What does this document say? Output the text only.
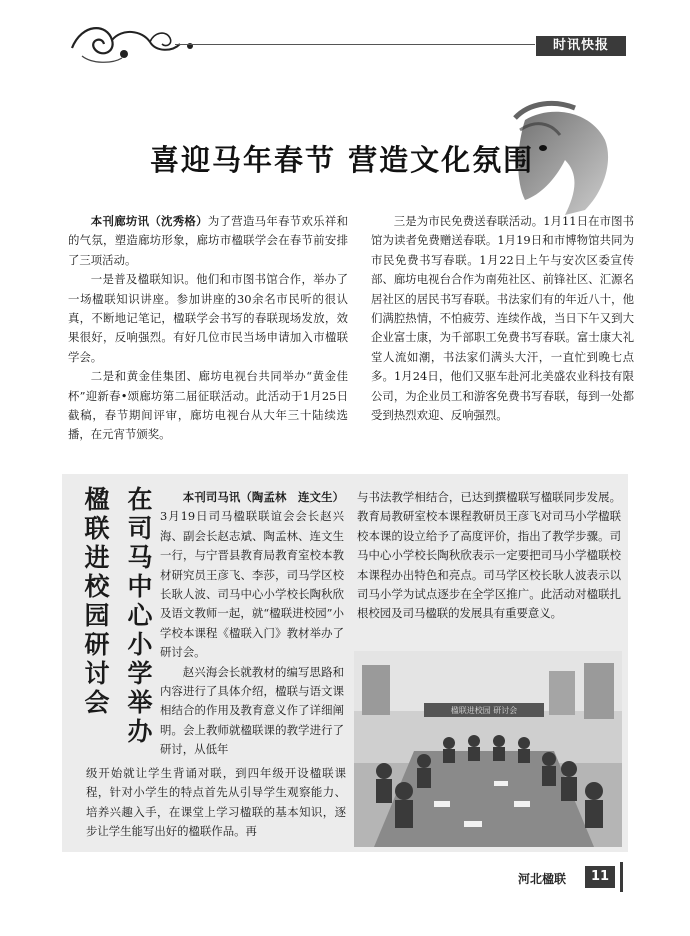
时讯快报
喜迎马年春节 营造文化氛围

本刊廊坊讯（沈秀格）为了营造马年春节欢乐祥和的气氛，塑造廊坊形象，廊坊市楹联学会在春节前安排了三项活动。

一是普及楹联知识。他们和市图书馆合作，举办了一场楹联知识讲座。参加讲座的30余名市民听的很认真，不断地记笔记，楹联学会书写的春联现场发放，效果很好，反响强烈。有好几位市民当场申请加入市楹联学会。

二是和黄金佳集团、廊坊电视台共同举办“黄金佳杯”迎新春•颂廊坊第二届征联活动。此活动于1月25日截稿，春节期间评审，廊坊电视台从大年三十陆续选播，在元宵节颁奖。

三是为市民免费送春联活动。1月11日在市图书馆为读者免费赠送春联。1月19日和市博物馆共同为市民免费书写春联。1月22日上午与安次区委宣传部、廊坊电视台合作为南苑社区、前锋社区、汇源名居社区的居民书写春联。书法家们有的年近八十，他们满腔热情，不怕疲劳、连续作战，当日下午又到大企业富士康，为千部职工免费书写春联。富士康大礼堂人流如潮，书法家们满头大汗，一直忙到晚七点多。1月24日，他们又驱车赴河北美盛农业科技有限公司，为企业员工和游客免费书写春联，每到一处都受到热烈欢迎、反响强烈。

在司马中心小学举办
楹联进校园研讨会	本刊司马讯（陶孟林　连文生）3月19日司马楹联联谊会会长赵兴海、副会长赵志斌、陶孟林、连文生一行，与宁晋县教育局教育室校本教材研究员王彦飞、李莎，司马学区校长耿人波、司马中心小学校长陶秋欣及语文教师一起，就“楹联进校园”小学校本课程《楹联入门》教材举办了研讨会。

赵兴海会长就教材的编写思路和内容进行了具体介绍，楹联与语文课相结合的作用及教育意义作了详细阐明。会上教师就楹联课的教学进行了研讨，从低年

级开始就让学生背诵对联，到四年级开设楹联课程，针对小学生的特点首先从引导学生观察能力、培养兴趣入手，在课堂上学习楹联的基本知识，逐步让学生能写出好的楹联作品。再
与书法教学相结合，已达到撰楹联写楹联同步发展。教育局教研室校本课程教研员王彦飞对司马小学楹联校本课的设立给予了高度评价，指出了教学步骤。司马中心小学校长陶秋欣表示一定要把司马小学楹联校本课程办出特色和亮点。司马学区校长耿人波表示以司马小学为试点逐步在全学区推广。此活动对楹联扎根校园及司马楹联的发展具有重要意义。
楹联进校园 研讨会
河北楹联	11
